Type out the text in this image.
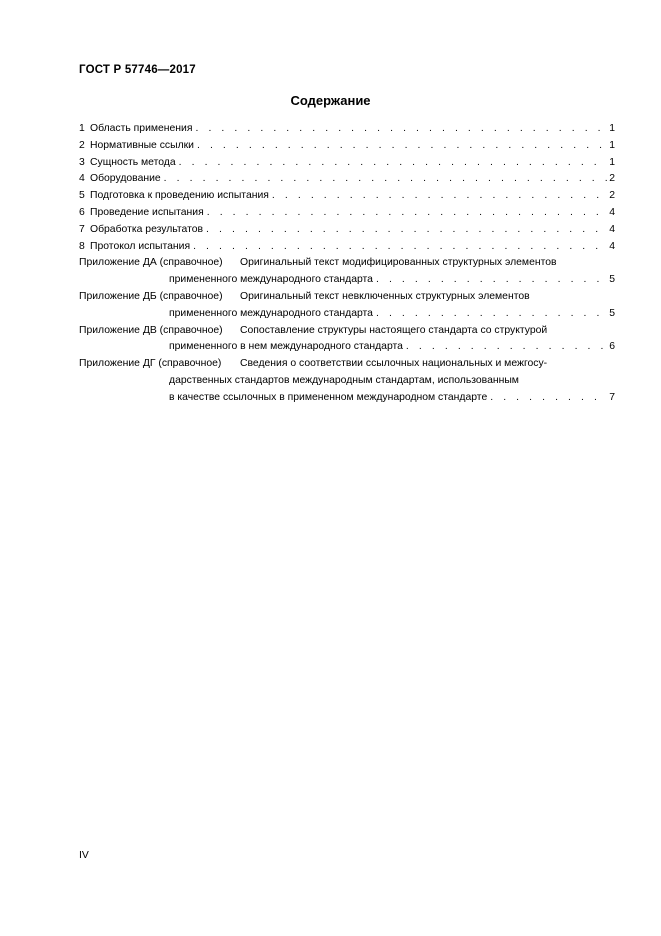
ГОСТ Р 57746—2017
Содержание
1 Область применения . . .	1
2 Нормативные ссылки . . .	1
3 Сущность метода . . .	1
4 Оборудование . . .	2
5 Подготовка к проведению испытания . . .	2
6 Проведение испытания . . .	4
7 Обработка результатов . . .	4
8 Протокол испытания . . .	4
Приложение ДА (справочное)	Оригинальный текст модифицированных структурных элементов
примененного международного стандарта . . .	5
Приложение ДБ (справочное)	Оригинальный текст невключенных структурных элементов
примененного международного стандарта . . .	5
Приложение ДВ (справочное)	Сопоставление структуры настоящего стандарта со структурой
примененного в нем международного стандарта . . .	6
Приложение ДГ (справочное)	Сведения о соответствии ссылочных национальных и межгосу-
дарственных стандартов международным стандартам, использованным
в качестве ссылочных в примененном международном стандарте . . .	7
IV
